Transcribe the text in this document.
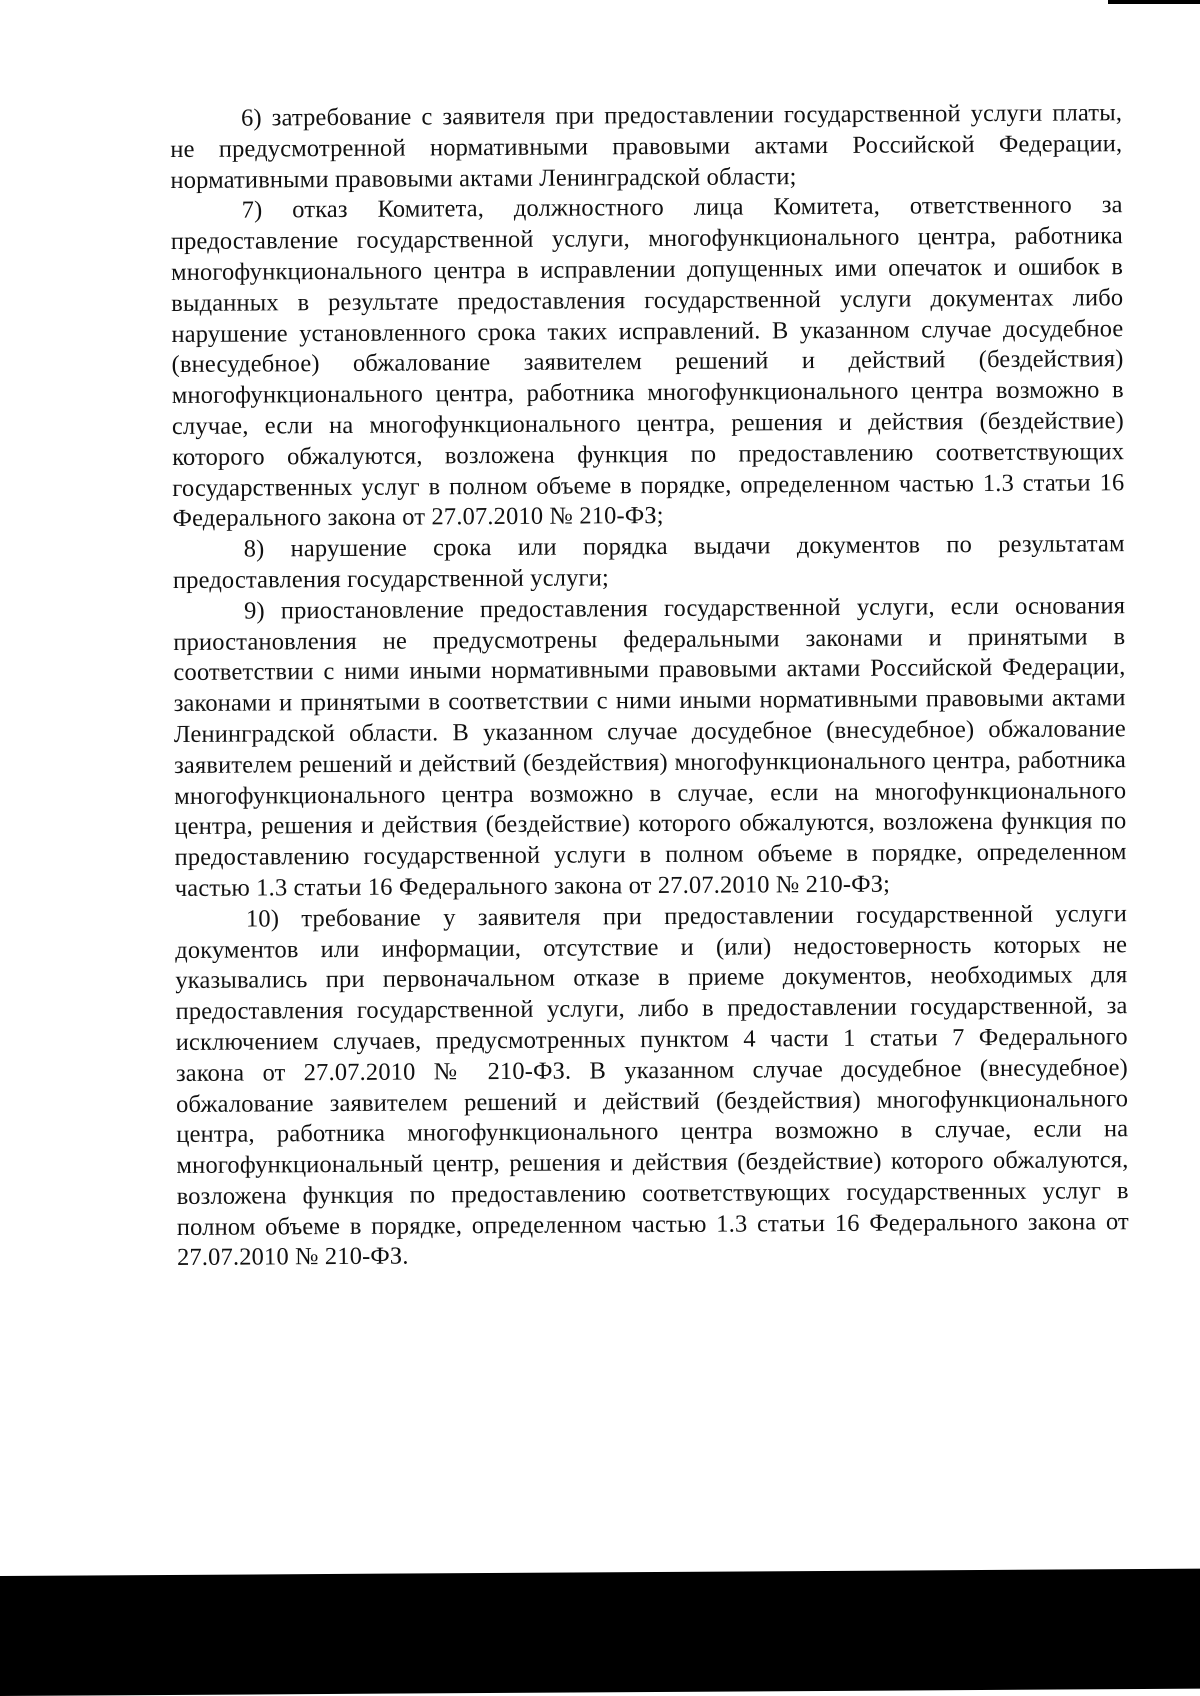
6) затребование с заявителя при предоставлении государственной услуги платы, не предусмотренной нормативными правовыми актами Российской Федерации, нормативными правовыми актами Ленинградской области;

7) отказ Комитета, должностного лица Комитета, ответственного за предоставление государственной услуги, многофункционального центра, работника многофункционального центра в исправлении допущенных ими опечаток и ошибок в выданных в результате предоставления государственной услуги документах либо нарушение установленного срока таких исправлений. В указанном случае досудебное (внесудебное) обжалование заявителем решений и действий (бездействия) многофункционального центра, работника многофункционального центра возможно в случае, если на многофункционального центра, решения и действия (бездействие) которого обжалуются, возложена функция по предоставлению соответствующих государственных услуг в полном объеме в порядке, определенном частью 1.3 статьи 16 Федерального закона от 27.07.2010 № 210-ФЗ;

8) нарушение срока или порядка выдачи документов по результатам предоставления государственной услуги;

9) приостановление предоставления государственной услуги, если основания приостановления не предусмотрены федеральными законами и принятыми в соответствии с ними иными нормативными правовыми актами Российской Федерации, законами и принятыми в соответствии с ними иными нормативными правовыми актами Ленинградской области. В указанном случае досудебное (внесудебное) обжалование заявителем решений и действий (бездействия) многофункционального центра, работника многофункционального центра возможно в случае, если на многофункционального центра, решения и действия (бездействие) которого обжалуются, возложена функция по предоставлению государственной услуги в полном объеме в порядке, определенном частью 1.3 статьи 16 Федерального закона от 27.07.2010 № 210-ФЗ;

10) требование у заявителя при предоставлении государственной услуги документов или информации, отсутствие и (или) недостоверность которых не указывались при первоначальном отказе в приеме документов, необходимых для предоставления государственной услуги, либо в предоставлении государственной, за исключением случаев, предусмотренных пунктом 4 части 1 статьи 7 Федерального закона от 27.07.2010 № 210-ФЗ. В указанном случае досудебное (внесудебное) обжалование заявителем решений и действий (бездействия) многофункционального центра, работника многофункционального центра возможно в случае, если на многофункциональный центр, решения и действия (бездействие) которого обжалуются, возложена функция по предоставлению соответствующих государственных услуг в полном объеме в порядке, определенном частью 1.3 статьи 16 Федерального закона от 27.07.2010 № 210-ФЗ.
